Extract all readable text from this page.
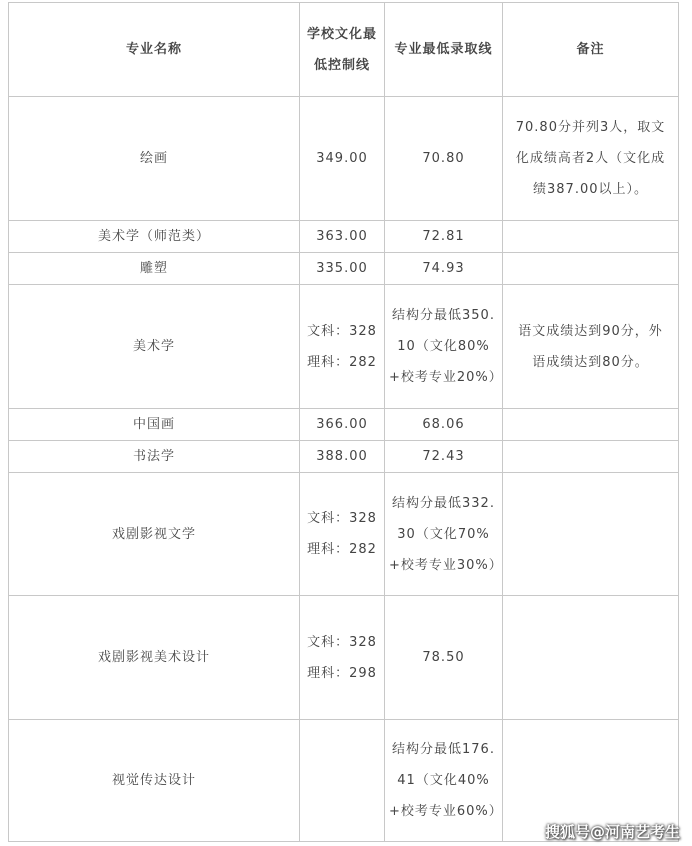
专业名称	学校文化最低控制线	专业最低录取线	备注
绘画	349.00	70.80	70.80分并列3人，取文化成绩高者2人（文化成绩387.00以上）。
美术学（师范类）	363.00	72.81	
雕塑	335.00	74.93	
美术学	文科：328理科：282	结构分最低350.10（文化80%+校考专业20%）	语文成绩达到90分，外语成绩达到80分。
中国画	366.00	68.06	
书法学	388.00	72.43	
戏剧影视文学	文科：328理科：282	结构分最低332.30（文化70%+校考专业30%）	
戏剧影视美术设计	文科：328理科：298	78.50	
视觉传达设计		结构分最低176.41（文化40%+校考专业60%）	
搜狐号@河南艺考生
